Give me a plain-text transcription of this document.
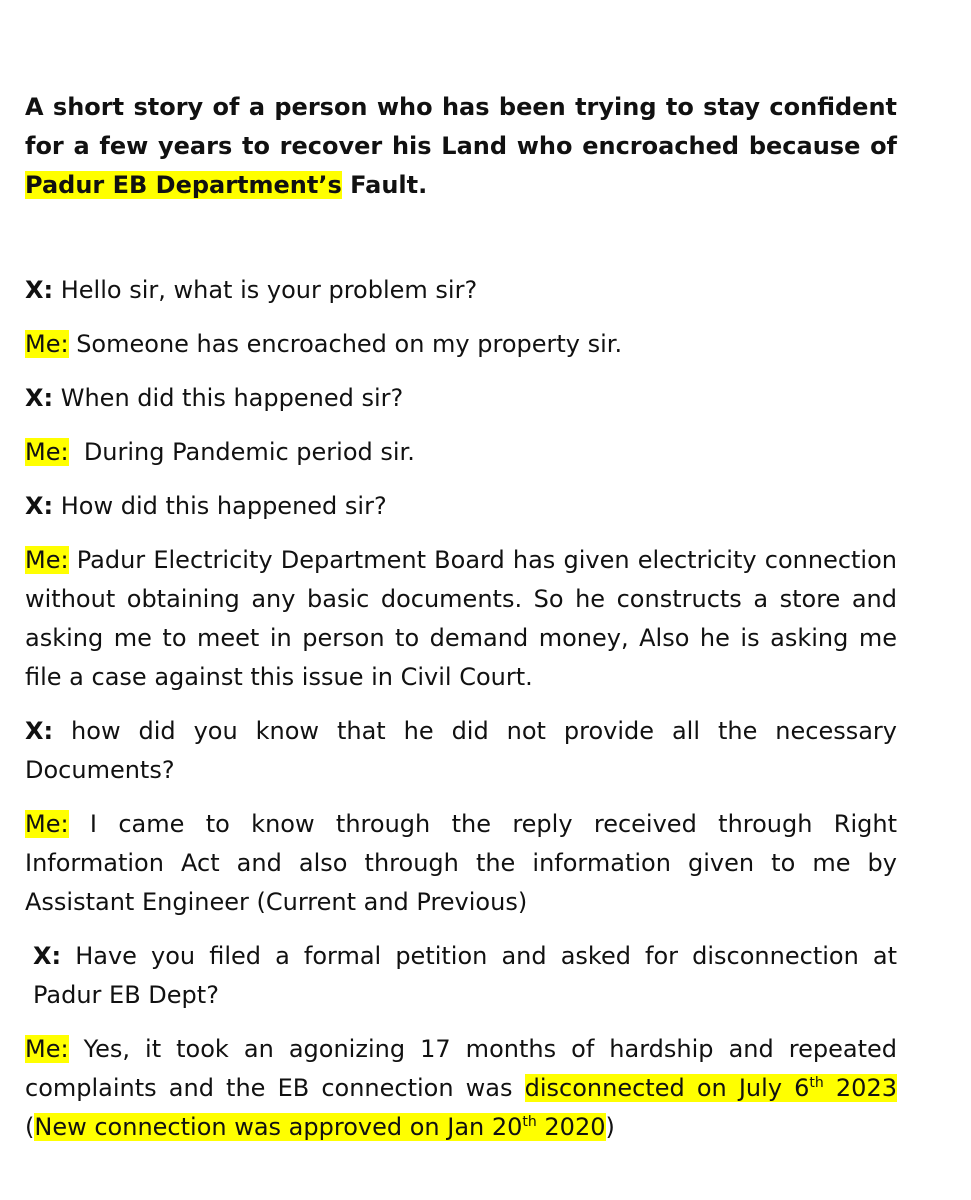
A short story of a person who has been trying to stay confident for a few years to recover his Land who encroached because of Padur EB Department’s Fault.

X: Hello sir, what is your problem sir?

Me: Someone has encroached on my property sir.

X: When did this happened sir?

Me:  During Pandemic period sir.

X: How did this happened sir?

Me: Padur Electricity Department Board has given electricity connection without obtaining any basic documents. So he constructs a store and asking me to meet in person to demand money, Also he is asking me file a case against this issue in Civil Court.

X: how did you know that he did not provide all the necessary Documents?

Me: I came to know through the reply received through Right Information Act and also through the information given to me by Assistant Engineer (Current and Previous)

X: Have you filed a formal petition and asked for disconnection at Padur EB Dept?

Me: Yes, it took an agonizing 17 months of hardship and repeated complaints and the EB connection was disconnected on July 6th 2023 (New connection was approved on Jan 20th 2020)
